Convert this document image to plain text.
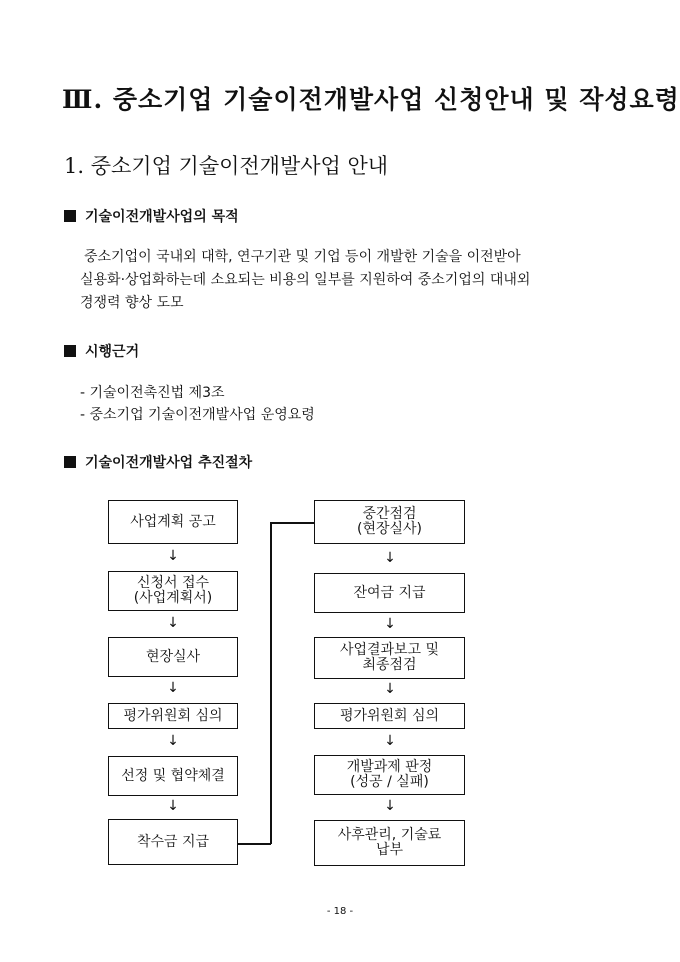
Ⅲ. 중소기업 기술이전개발사업 신청안내 및 작성요령
1. 중소기업 기술이전개발사업 안내
기술이전개발사업의 목적
중소기업이 국내외 대학, 연구기관 및 기업 등이 개발한 기술을 이전받아
실용화·상업화하는데 소요되는 비용의 일부를 지원하여 중소기업의 대내외
경쟁력 향상 도모
시행근거
- 기술이전촉진법 제3조
- 중소기업 기술이전개발사업 운영요령
기술이전개발사업 추진절차
사업계획 공고
↓
신청서 접수
(사업계획서)
↓
현장실사
↓
평가위원회 심의
↓
선정 및 협약체결
↓
착수금 지급
중간점검
(현장실사)
↓
잔여금 지급
↓
사업결과보고 및
최종점검
↓
평가위원회 심의
↓
개발과제 판정
(성공 / 실패)
↓
사후관리, 기술료
납부
- 18 -
